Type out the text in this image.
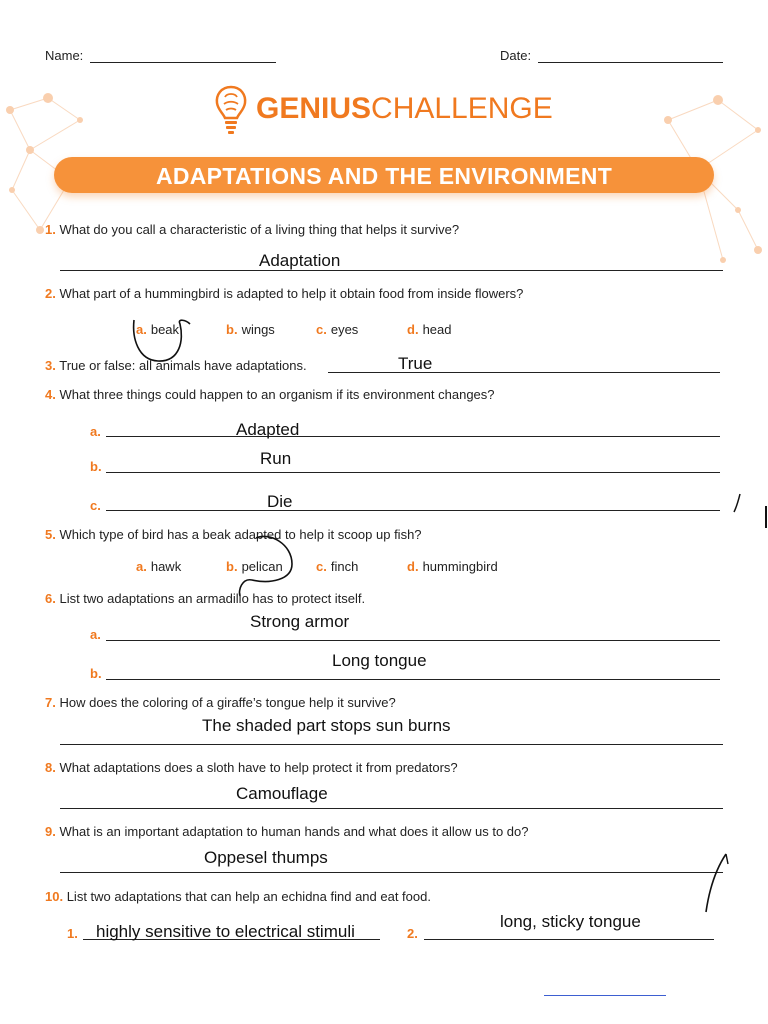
Name:	Date:
GENIUSCHALLENGE
ADAPTATIONS AND THE ENVIRONMENT
1. What do you call a characteristic of a living thing that helps it survive?
Adaptation
2. What part of a hummingbird is adapted to help it obtain food from inside flowers?
a. beak	b. wings	c. eyes	d. head
3. True or false: all animals have adaptations.	True
4. What three things could happen to an organism if its environment changes?
a.	Adapted
b.	Run
c.	Die
5. Which type of bird has a beak adapted to help it scoop up fish?
a. hawk	b. pelican	c. finch	d. hummingbird
6. List two adaptations an armadillo has to protect itself.
a.
Strong armor
b.
Long tongue
7. How does the coloring of a giraffe’s tongue help it survive?
The shaded part stops sun burns
8. What adaptations does a sloth have to help protect it from predators?
Camouflage
9. What is an important adaptation to human hands and what does it allow us to do?
Oppesel thumps
10. List two adaptations that can help an echidna find and eat food.
1. highly sensitive to electrical stimuli	2.
long, sticky tongue
